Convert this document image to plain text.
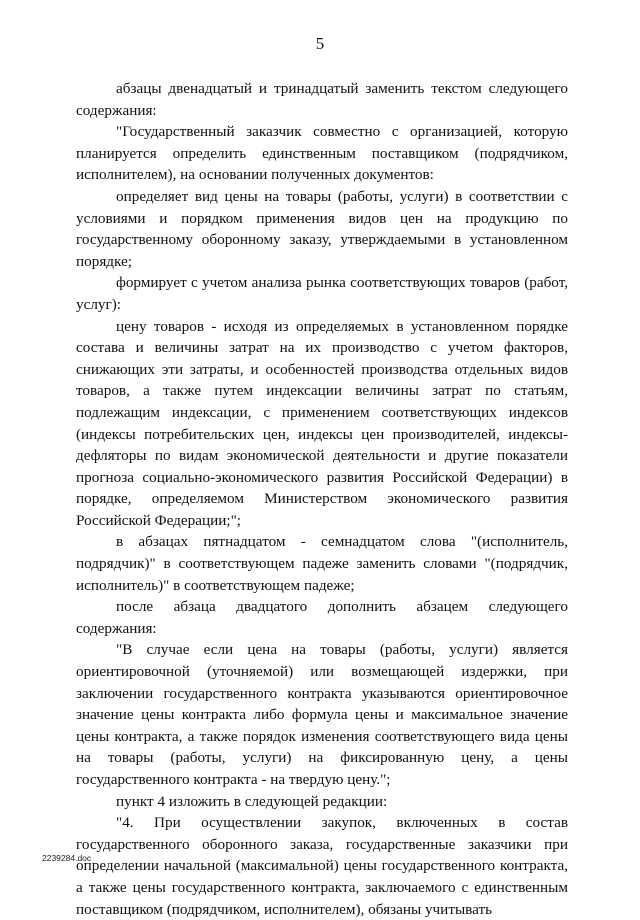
5

абзацы двенадцатый и тринадцатый заменить текстом следующего содержания:

"Государственный заказчик совместно с организацией, которую планируется определить единственным поставщиком (подрядчиком, исполнителем), на основании полученных документов:

определяет вид цены на товары (работы, услуги) в соответствии с условиями и порядком применения видов цен на продукцию по государственному оборонному заказу, утверждаемыми в установленном порядке;

формирует с учетом анализа рынка соответствующих товаров (работ, услуг):

цену товаров - исходя из определяемых в установленном порядке состава и величины затрат на их производство с учетом факторов, снижающих эти затраты, и особенностей производства отдельных видов товаров, а также путем индексации величины затрат по статьям, подлежащим индексации, с применением соответствующих индексов (индексы потребительских цен, индексы цен производителей, индексы-дефляторы по видам экономической деятельности и другие показатели прогноза социально-экономического развития Российской Федерации) в порядке, определяемом Министерством экономического развития Российской Федерации;";

в абзацах пятнадцатом - семнадцатом слова "(исполнитель, подрядчик)" в соответствующем падеже заменить словами "(подрядчик, исполнитель)" в соответствующем падеже;

после абзаца двадцатого дополнить абзацем следующего содержания:

"В случае если цена на товары (работы, услуги) является ориентировочной (уточняемой) или возмещающей издержки, при заключении государственного контракта указываются ориентировочное значение цены контракта либо формула цены и максимальное значение цены контракта, а также порядок изменения соответствующего вида цены на товары (работы, услуги) на фиксированную цену, а цены государственного контракта - на твердую цену.";

пункт 4 изложить в следующей редакции:

"4. При осуществлении закупок, включенных в состав государственного оборонного заказа, государственные заказчики при определении начальной (максимальной) цены государственного контракта, а также цены государственного контракта, заключаемого с единственным поставщиком (подрядчиком, исполнителем), обязаны учитывать

2239284.doc
